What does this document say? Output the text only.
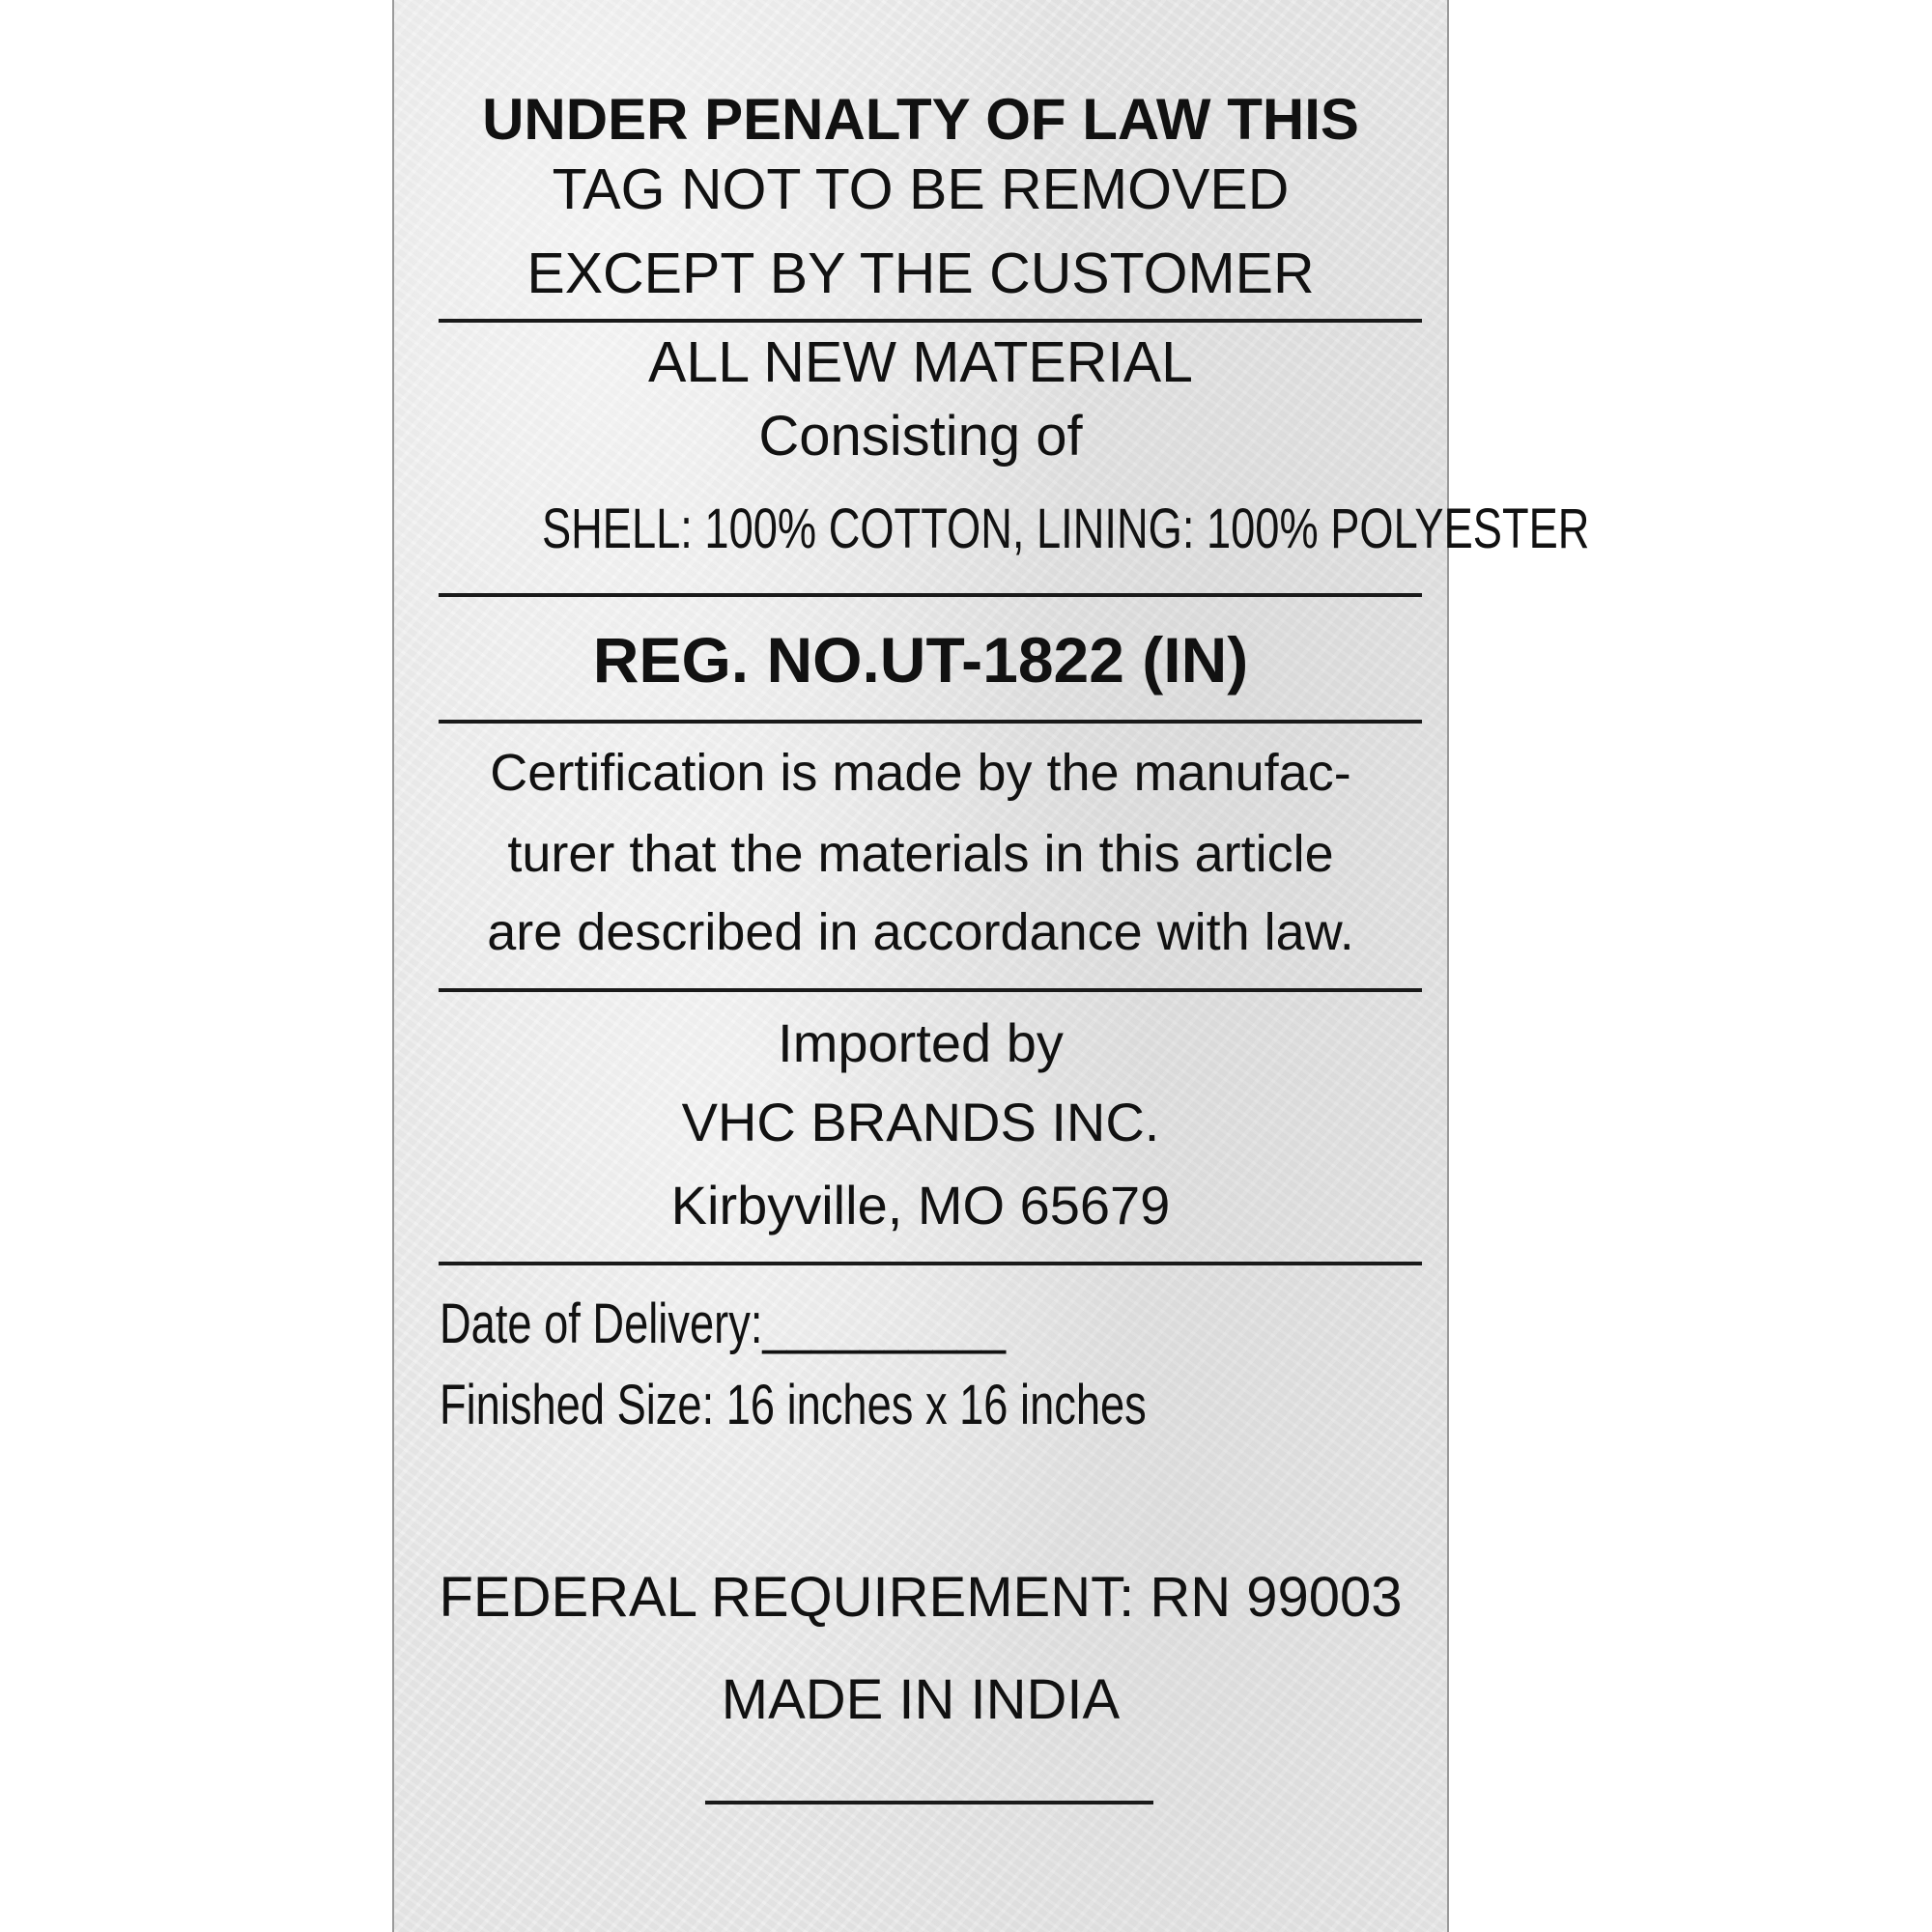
UNDER PENALTY OF LAW THIS
TAG NOT TO BE REMOVED
EXCEPT BY THE CUSTOMER
ALL NEW MATERIAL
Consisting of
SHELL: 100% COTTON, LINING: 100% POLYESTER
REG. NO.UT-1822 (IN)
Certification is made by the manufac-
turer that the materials in this article
are described in accordance with law.
Imported by
VHC BRANDS INC.
Kirbyville, MO 65679
Date of Delivery:__________
Finished Size: 16 inches x 16 inches
FEDERAL REQUIREMENT: RN 99003
MADE IN INDIA
